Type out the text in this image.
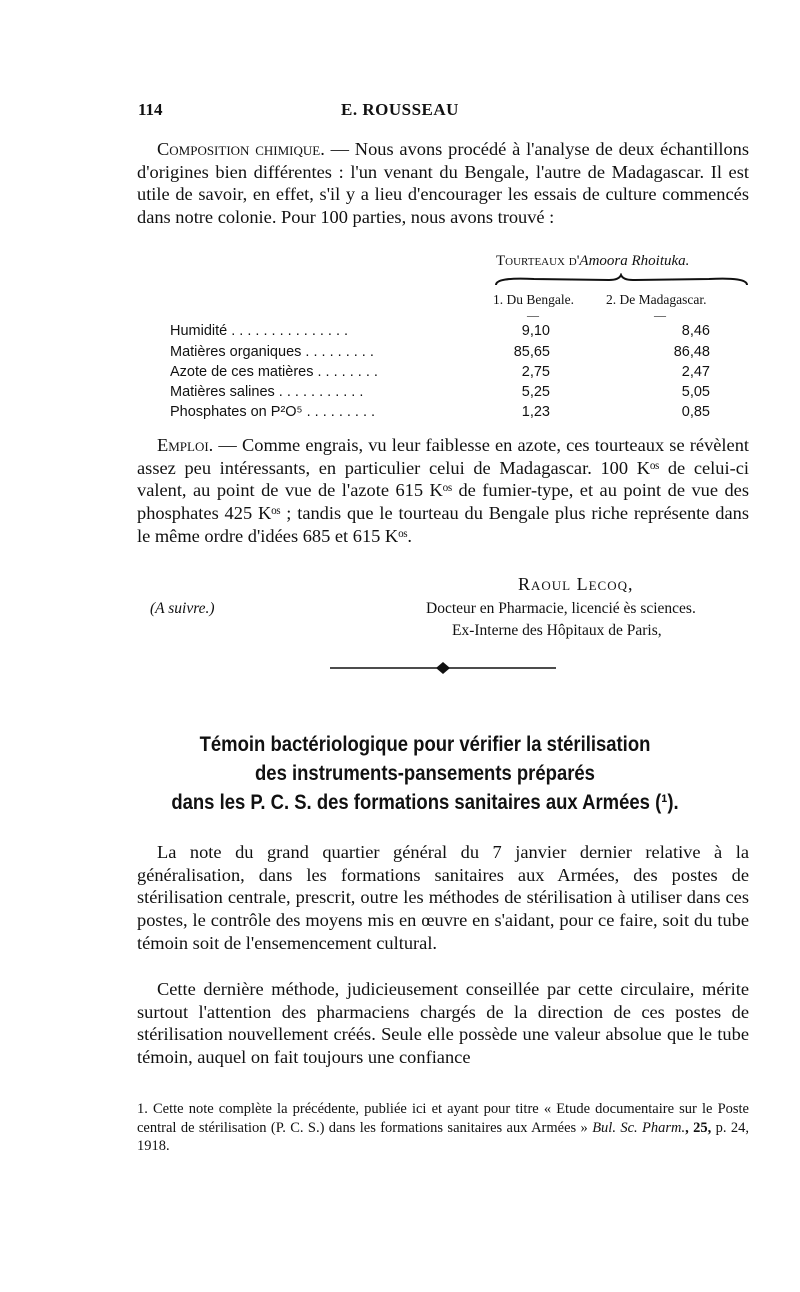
114	E. ROUSSEAU

Composition chimique. — Nous avons procédé à l'analyse de deux échantillons d'origines bien différentes : l'un venant du Bengale, l'autre de Madagascar. Il est utile de savoir, en effet, s'il y a lieu d'encourager les essais de culture commencés dans notre colonie. Pour 100 parties, nous avons trouvé :

Tourteaux d'Amoora Rhoituka.
1. Du Bengale. 2. De Madagascar.
—	—
Humidité . . . . . . . . . . . . . . .	9,10	8,46
Matières organiques . . . . . . . . .	85,65	86,48
Azote de ces matières . . . . . . . .	2,75	2,47
Matières salines . . . . . . . . . . .	5,25	5,05
Phosphates on P²O⁵ . . . . . . . . .	1,23	0,85

Emploi. — Comme engrais, vu leur faiblesse en azote, ces tourteaux se révèlent assez peu intéressants, en particulier celui de Madagascar. 100 Kᵒˢ de celui-ci valent, au point de vue de l'azote 615 Kᵒˢ de fumier-type, et au point de vue des phosphates 425 Kᵒˢ ; tandis que le tourteau du Bengale plus riche représente dans le même ordre d'idées 685 et 615 Kᵒˢ.

Raoul Lecoq,
(A suivre.)	Docteur en Pharmacie, licencié ès sciences.
Ex-Interne des Hôpitaux de Paris,
Témoin bactériologique pour vérifier la stérilisation
des instruments-pansements préparés
dans les P. C. S. des formations sanitaires aux Armées (¹).

La note du grand quartier général du 7 janvier dernier relative à la généralisation, dans les formations sanitaires aux Armées, des postes de stérilisation centrale, prescrit, outre les méthodes de stérilisation à utiliser dans ces postes, le contrôle des moyens mis en œuvre en s'aidant, pour ce faire, soit du tube témoin soit de l'ensemencement cultural.

Cette dernière méthode, judicieusement conseillée par cette circulaire, mérite surtout l'attention des pharmaciens chargés de la direction de ces postes de stérilisation nouvellement créés. Seule elle possède une valeur absolue que le tube témoin, auquel on fait toujours une confiance

1. Cette note complète la précédente, publiée ici et ayant pour titre « Etude documentaire sur le Poste central de stérilisation (P. C. S.) dans les formations sanitaires aux Armées » Bul. Sc. Pharm., 25, p. 24, 1918.
